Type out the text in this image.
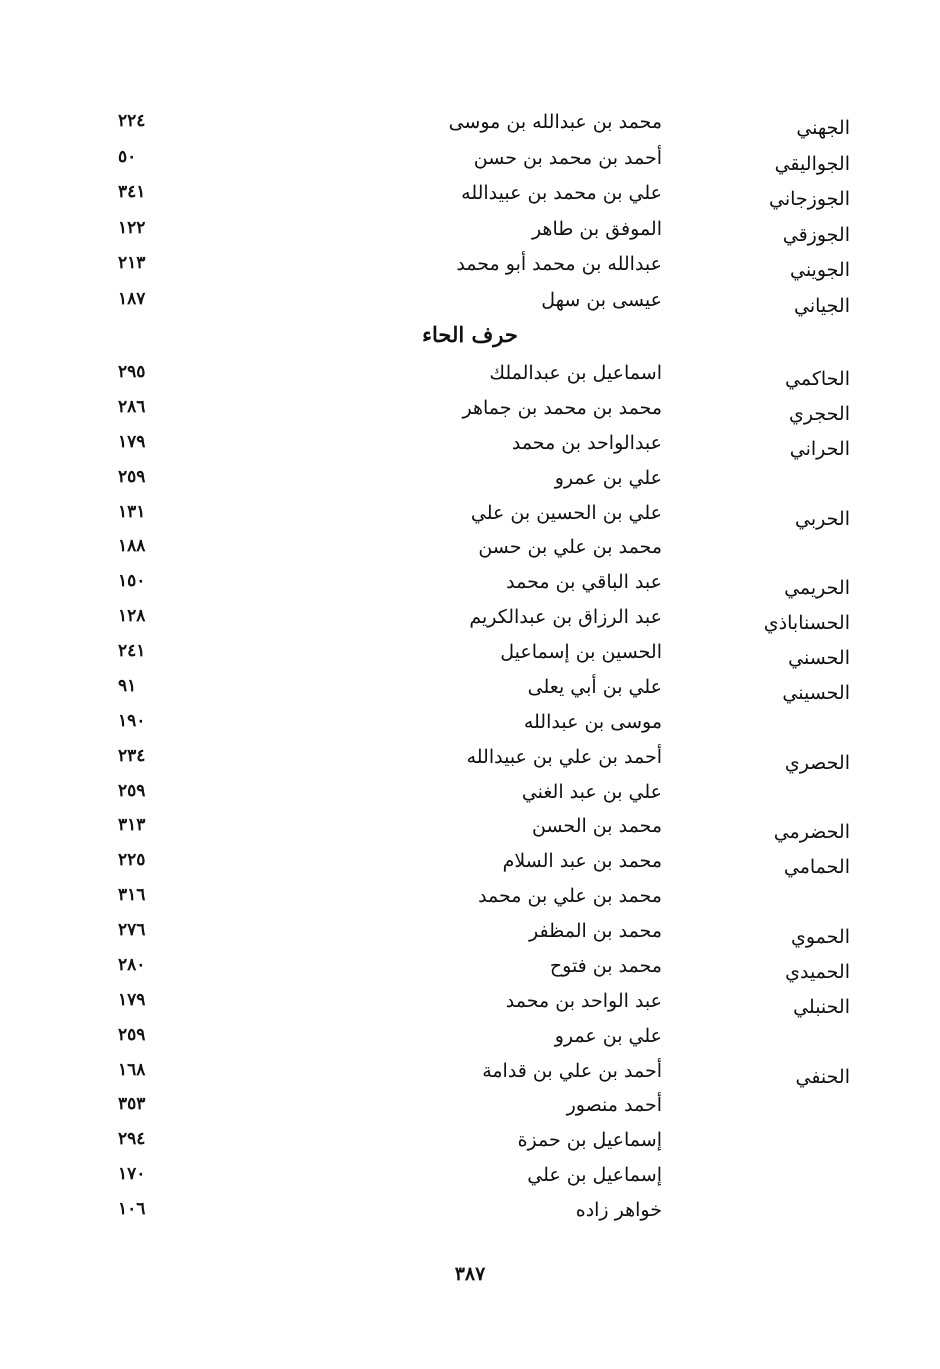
الجهني
محمد بن عبدالله بن موسى
٢٢٤
الجواليقي
أحمد بن محمد بن حسن
٥٠
الجوزجاني
علي بن محمد بن عبيدالله
٣٤١
الجوزقي
الموفق بن طاهر
١٢٢
الجويني
عبدالله بن محمد أبو محمد
٢١٣
الجياني
عيسى بن سهل
١٨٧
الحاكمي
اسماعيل بن عبدالملك
٢٩٥
الحجري
محمد بن محمد بن جماهر
٢٨٦
الحراني
عبدالواحد بن محمد
١٧٩
علي بن عمرو
٢٥٩
الحربي
علي بن الحسين بن علي
١٣١
محمد بن علي بن حسن
١٨٨
الحريمي
عبد الباقي بن محمد
١٥٠
الحسناباذي
عبد الرزاق بن عبدالكريم
١٢٨
الحسني
الحسين بن إسماعيل
٢٤١
الحسيني
علي بن أبي يعلى
٩١
موسى بن عبدالله
١٩٠
الحصري
أحمد بن علي بن عبيدالله
٢٣٤
علي بن عبد الغني
٢٥٩
الحضرمي
محمد بن الحسن
٣١٣
الحمامي
محمد بن عبد السلام
٢٢٥
محمد بن علي بن محمد
٣١٦
الحموي
محمد بن المظفر
٢٧٦
الحميدي
محمد بن فتوح
٢٨٠
الحنبلي
عبد الواحد بن محمد
١٧٩
علي بن عمرو
٢٥٩
الحنفي
أحمد بن علي بن قدامة
١٦٨
أحمد منصور
٣٥٣
إسماعيل بن حمزة
٢٩٤
إسماعيل بن علي
١٧٠
خواهر زاده
١٠٦
حرف الحاء
٣٨٧
